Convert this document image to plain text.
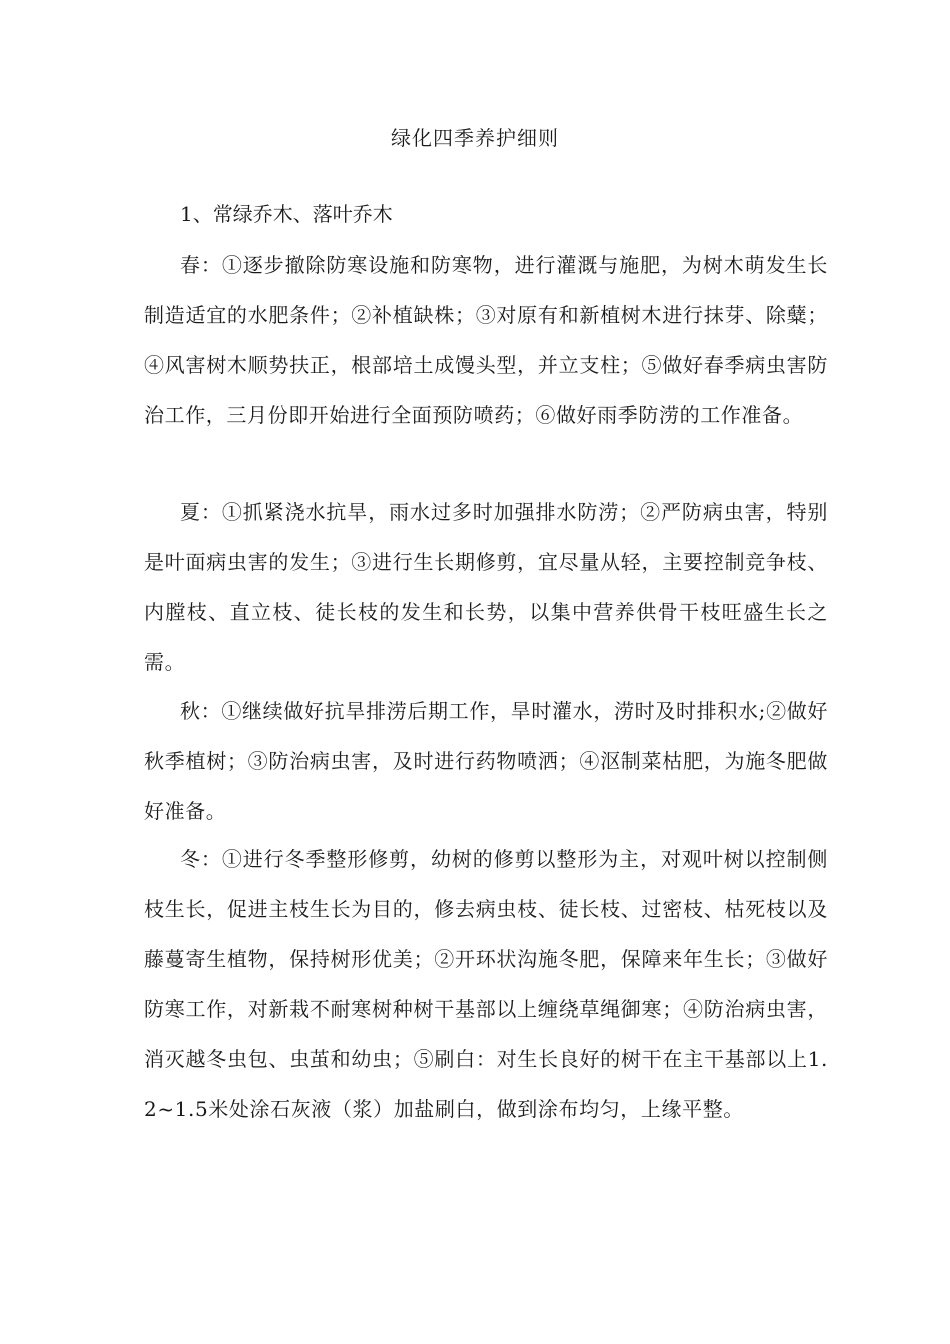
绿化四季养护细则
1、常绿乔木、落叶乔木

春：①逐步撤除防寒设施和防寒物，进行灌溉与施肥，为树木萌发生长制造适宜的水肥条件；②补植缺株；③对原有和新植树木进行抹芽、除糵；④风害树木顺势扶正，根部培土成馒头型，并立支柱；⑤做好春季病虫害防治工作，三月份即开始进行全面预防喷药；⑥做好雨季防涝的工作准备。

夏：①抓紧浇水抗旱，雨水过多时加强排水防涝；②严防病虫害，特别是叶面病虫害的发生；③进行生长期修剪，宜尽量从轻，主要控制竞争枝、内膛枝、直立枝、徒长枝的发生和长势，以集中营养供骨干枝旺盛生长之需。

秋：①继续做好抗旱排涝后期工作，旱时灌水，涝时及时排积水;②做好秋季植树；③防治病虫害，及时进行药物喷洒；④沤制菜枯肥，为施冬肥做好准备。

冬：①进行冬季整形修剪，幼树的修剪以整形为主，对观叶树以控制侧枝生长，促进主枝生长为目的，修去病虫枝、徒长枝、过密枝、枯死枝以及藤蔓寄生植物，保持树形优美；②开环状沟施冬肥，保障来年生长；③做好防寒工作，对新栽不耐寒树种树干基部以上缠绕草绳御寒；④防治病虫害，消灭越冬虫包、虫茧和幼虫；⑤刷白：对生长良好的树干在主干基部以上1.2~1.5米处涂石灰液（浆）加盐刷白，做到涂布均匀，上缘平整。
